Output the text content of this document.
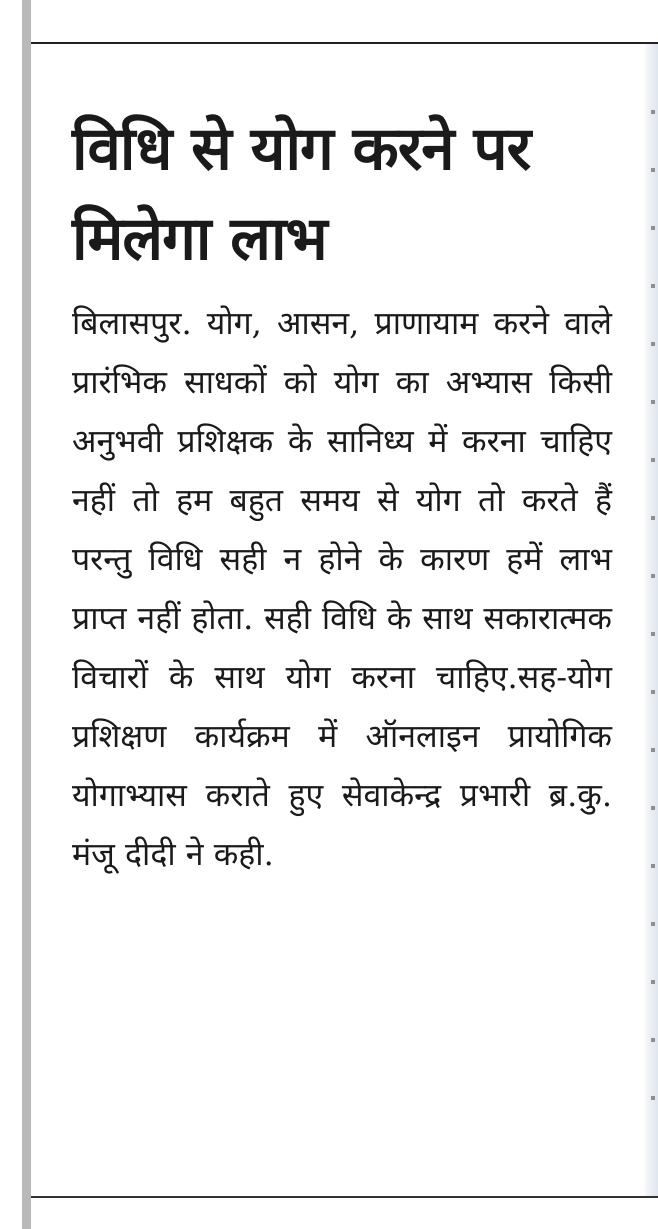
विधि से योग करने पर मिलेगा लाभ

बिलासपुर. योग, आसन, प्राणायाम करने वाले प्रारंभिक साधकों को योग का अभ्यास किसी अनुभवी प्रशिक्षक के सानिध्य में करना चाहिए नहीं तो हम बहुत समय से योग तो करते हैं परन्तु विधि सही न होने के कारण हमें लाभ प्राप्त नहीं होता. सही विधि के साथ सकारात्मक विचारों के साथ योग करना चाहिए.सह-योग प्रशिक्षण कार्यक्रम में ऑनलाइन प्रायोगिक योगाभ्यास कराते हुए सेवाकेन्द्र प्रभारी ब्र.कु. मंजू दीदी ने कही.
